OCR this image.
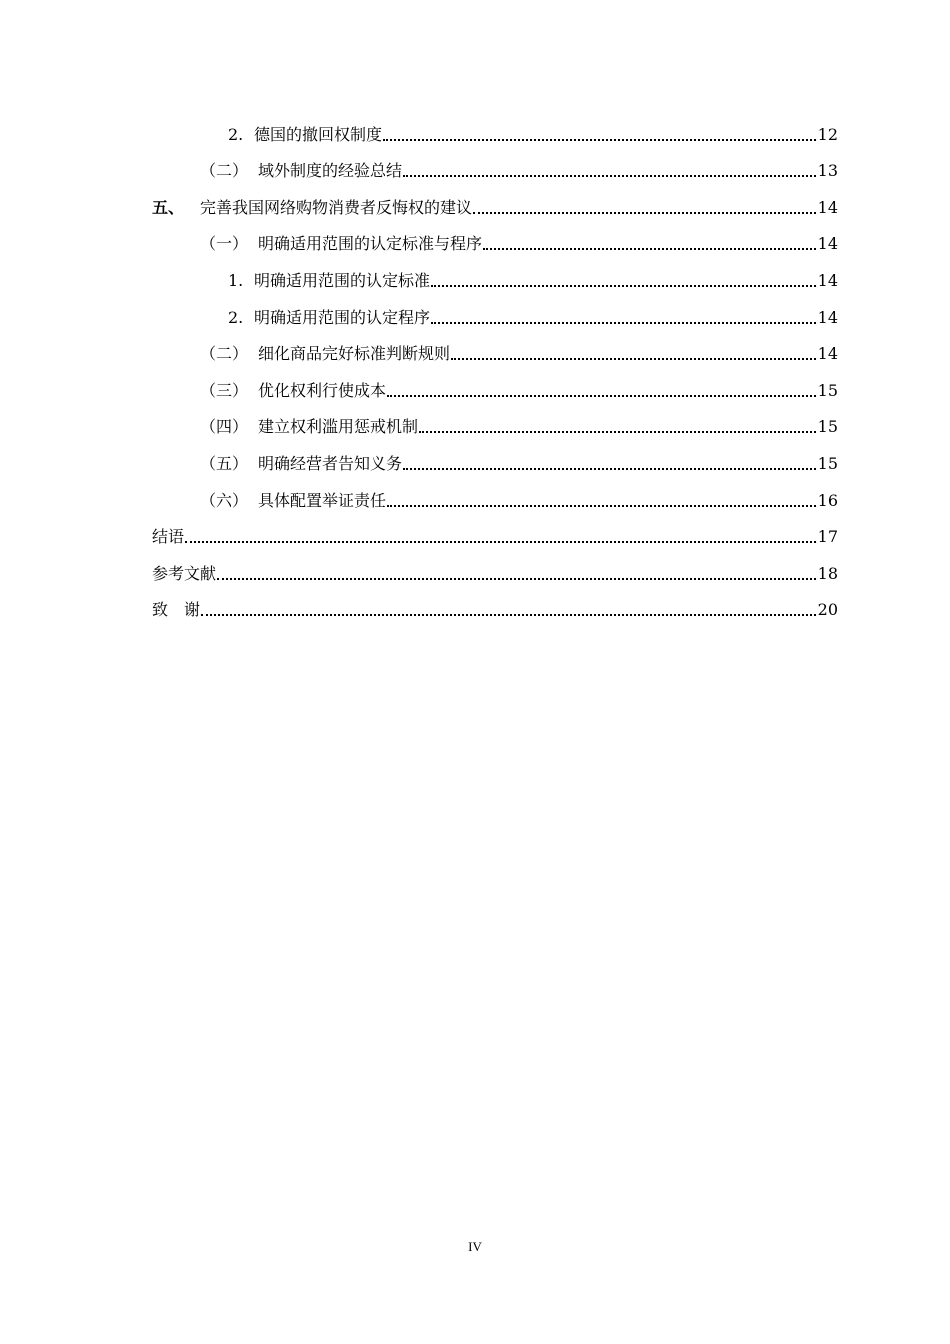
2. 德国的撤回权制度	12
（二） 域外制度的经验总结	13
五、 完善我国网络购物消费者反悔权的建议	14
（一） 明确适用范围的认定标准与程序	14
1. 明确适用范围的认定标准	14
2. 明确适用范围的认定程序	14
（二） 细化商品完好标准判断规则	14
（三） 优化权利行使成本	15
（四） 建立权利滥用惩戒机制	15
（五） 明确经营者告知义务	15
（六） 具体配置举证责任	16
结语	17
参考文献	18
致　谢	20
IV
